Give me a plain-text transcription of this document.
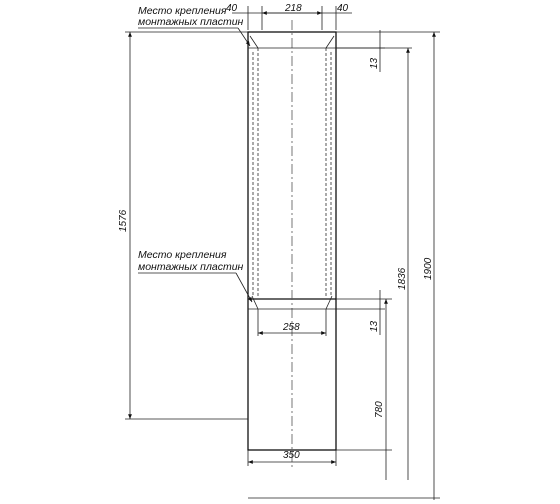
40	218	40
Место крепления
монтажных пластин
Место крепления
монтажных пластин
1576
13
13
258
350
780
1836 1900
